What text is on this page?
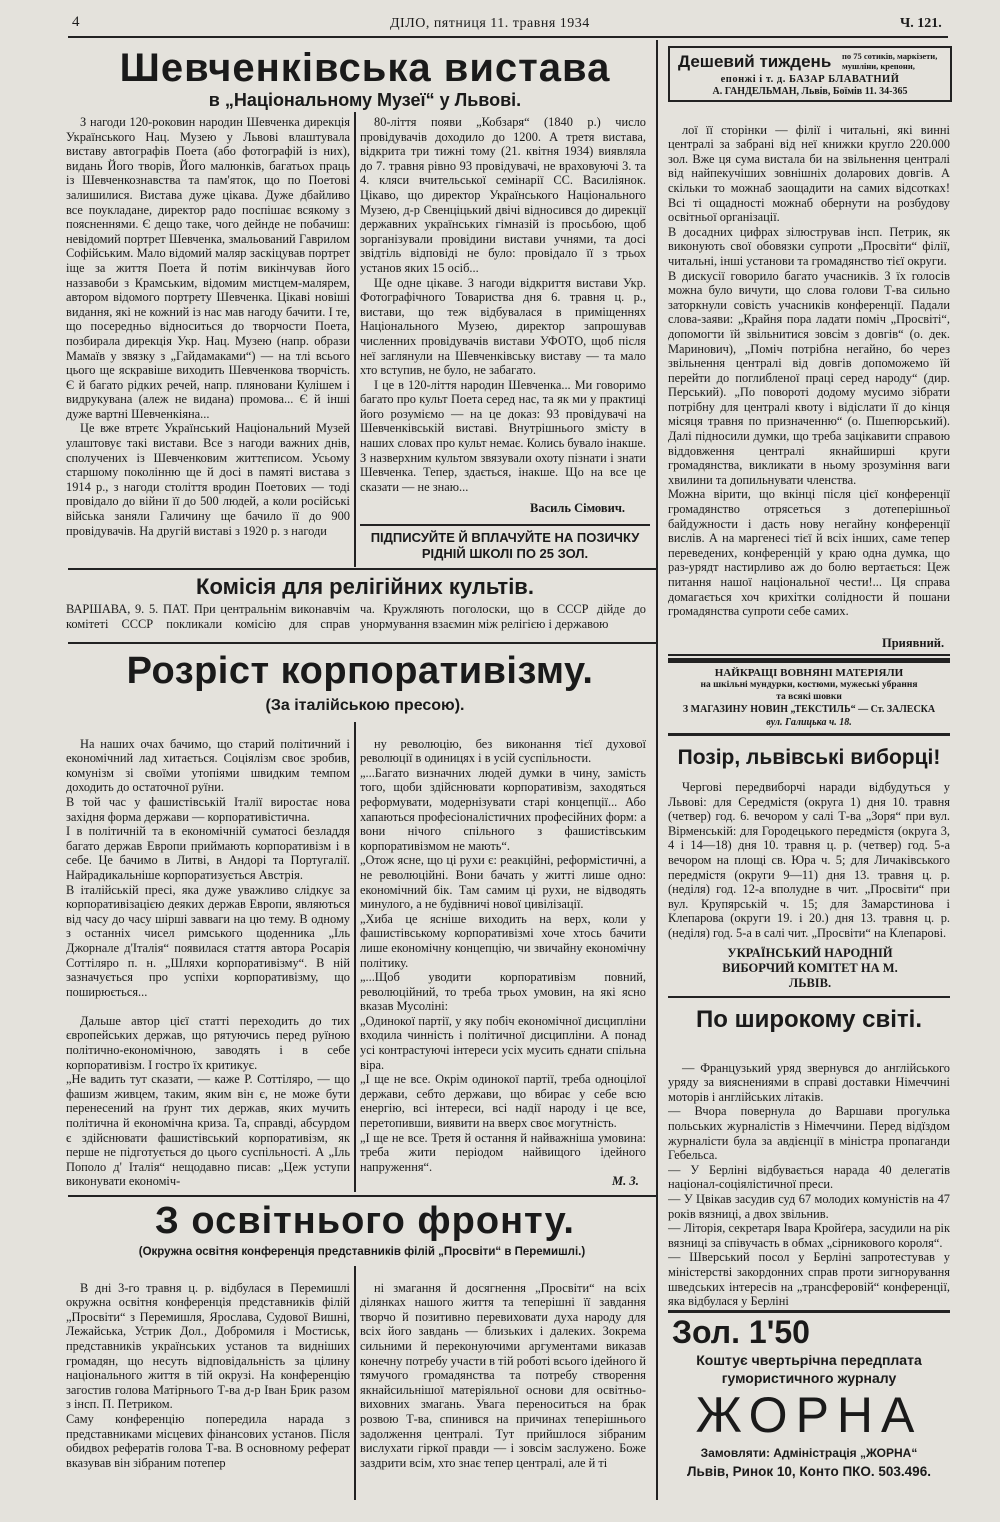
4	ДІЛО, пятниця 11. травня 1934	Ч. 121.
Шевченківська вистава
в „Національному Музеї“ у Львові.

З нагоди 120-роковин народин Шевченка дирекція Українського Нац. Музею у Львові влаштувала виставу автографів Поета (або фотографій із них), видань Його творів, Його малюнків, багатьох праць із Шевченкознавства та пам'яток, що по Поетові залишилися. Вистава дуже цікава. Дуже дбайливо все поукладане, директор радо поспішає всякому з поясненнями. Є дещо таке, чого дейнде не побачиш: невідомий портрет Шевченка, змальований Гаврилом Софійським. Мало відомий маляр заскіцував портрет іще за життя Поета й потім викінчував його наззавоби з Крамським, відомим мистцем-малярем, автором відомого портрету Шевченка. Цікаві новіші видання, які не кожний із нас мав нагоду бачити. І те, що посередньо відноситься до творчости Поета, позбирала дирекція Укр. Нац. Музею (напр. образи Мамаїв у звязку з „Гайдамаками“) — на тлі всього цього ще яскравіше виходить Шевченкова творчість. Є й багато рідких речей, напр. пляновани Кулішем і видрукувана (алеж не видана) промова... Є й інші дуже вартні Шевченкіяна...

Це вже втретє Український Національний Музей улаштовує такі вистави. Все з нагоди важних днів, сполучених із Шевченковим життєписом. Усьому старшому поколінню ще й досі в памяті вистава з 1914 р., з нагоди століття вродин Поетових — тоді провідало до війни її до 500 людей, а коли російські війська заняли Галичину ще бачило її до 900 провідувачів. На другій виставі з 1920 р. з нагоди

80-ліття появи „Кобзаря“ (1840 р.) число провідувачів доходило до 1200. А третя вистава, відкрита три тижні тому (21. квітня 1934) виявляла до 7. травня рівно 93 провідувачі, не враховуючі 3. та 4. кляси вчительської семінарії СС. Василіянок. Цікаво, що директор Українського Національного Музею, д-р Свенціцький двічі відносився до дирекції державних українських гімназій із просьбою, щоб зорганізували провідини вистави учнями, та досі звідтіль відповіді не було: провідало її з трьох установ яких 15 осіб...

Ще одне цікаве. З нагоди відкриття вистави Укр. Фотографічного Товариства дня 6. травня ц. р., вистави, що теж відбувалася в приміщеннях Національного Музею, директор запрошував численних провідувачів вистави УФОТО, щоб після неї заглянули на Шевченківську виставу — та мало хто вступив, не було, не забагато.

І це в 120-ліття народин Шевченка... Ми говоримо багато про культ Поета серед нас, та як ми у практиці його розуміємо — на це доказ: 93 провідувачі на Шевченківській виставі. Внутрішнього змісту в наших словах про культ немає. Колись бувало інакше. З назверхним культом звязували охоту пізнати і знати Шевченка. Тепер, здається, інакше. Що на все це сказати — не знаю...

Василь Сімович.
ПІДПИСУЙТЕ Й ВПЛАЧУЙТЕ НА ПОЗИЧКУ РІДНІЙ ШКОЛІ ПО 25 ЗОЛ.
Комісія для релігійних культів.
ВАРШАВА, 9. 5. ПАТ. При центральнім виконавчім комітеті СССР покликали комісію для справ
ча. Кружляють поголоски, що в СССР дійде до унормування взаємин між релігією і державою
Розріст корпоративізму.
(За італійською пресою).

На наших очах бачимо, що старий політичний і економічний лад хитається. Соціялізм своє зробив, комунізм зі своїми утопіями швидким темпом доходить до остаточної руїни.
В той час у фашистівській Італії виростає нова західня форма держави — корпоративістична.
І в політичній та в економічній суматосі безладдя багато держав Европи приймають корпоративізм і в себе. Це бачимо в Литві, в Андорі та Португалії. Найрадикальніше корпоратизується Австрія.
В італійській пресі, яка дуже уважливо слідкує за корпоративізацією деяких держав Европи, являються від часу до часу шірші завваги на цю тему. В одному з останніх чисел римського щоденника „Іль Джорнале д'Італія“ появилася стаття автора Росарія Соттіляро п. н. „Шляхи корпоративізму“. В ній зазначується про успіхи корпоративізму, що поширюється...

Дальше автор цієї статті переходить до тих європейських держав, що рятуючись перед руїною політично-економічною, заводять і в себе корпоративізм. І гостро їх критикує.
„Не вадить тут сказати, — каже Р. Соттіляро, — що фашизм живцем, таким, яким він є, не може бути перенесений на ґрунт тих держав, яких мучить політична й економічна криза. Та, справді, абсурдом є здійснювати фашистівський корпоративізм, як перше не підготується до цього суспільності. А „Іль Пополо д' Італія“ нещодавно писав: „Цеж уступи виконувати економіч-

ну революцію, без виконання тієї духової революції в одиницях і в усій суспільности.
„...Багато визначних людей думки в чину, замість того, щоби здійснювати корпоративізм, заходяться реформувати, модернізувати старі концепції... Або хапаються професіоналістичних професійних форм: а вони нічого спільного з фашистівським корпоративізмом не мають“.
„Отож ясне, що ці рухи є: реакційні, реформістичні, а не революційні. Вони бачать у житті лише одно: економічний бік. Там самим ці рухи, не відводять минулого, а не будівничі нової цивілізації.
„Хиба це ясніше виходить на верх, коли у фашистівському корпоративізмі хоче хтось бачити лише економічну концепцію, чи звичайну економічну політику.
„...Щоб уводити корпоративізм повний, революційний, то треба трьох умовин, на які ясно вказав Мусоліні:
„Одинокої партії, у яку побіч економічної дисципліни входила чинність і політичної дисципліни. А понад усі контрастуючі інтереси усіх мусить єднати спільна віра.
„І ще не все. Окрім одинокої партії, треба одноцілої держави, себто держави, що вбирає у себе всю енергію, всі інтереси, всі надії народу і це все, перетопивши, виявити на вверх своє могутність.
„І ще не все. Третя й остання й найважніша умовина: треба жити періодом найвищого ідейного напруження“.

М. З.
З освітнього фронту.
(Окружна освітня конференція представників філій „Просвіти“ в Перемишлі.)

В дні 3-го травня ц. р. відбулася в Перемишлі окружна освітня конференція представників філій „Просвіти“ з Перемишля, Ярослава, Судової Вишні, Лежайська, Устрик Дол., Добромиля і Мостиськ, представників українських установ та видніших громадян, що несуть відповідальність за цілину національного життя в тій окрузі. На конференцію загостив голова Матірнього Т-ва д-р Іван Брик разом з інсп. П. Петриком.
Саму конференцію попередила нарада з представниками місцевих фінансових установ. Після обидвох рефератів голова Т-ва. В основному реферат вказував він зібраним потепер

ні змагання й досягнення „Просвіти“ на всіх ділянках нашого життя та теперішні її завдання творчо й позитивно перевиховати духа народу для всіх його завдань — близьких і далеких. Зокрема сильними й переконуючими аргументами виказав конечну потребу участи в тій роботі всього ідейного й тямучого громадянства та потребу створення якнайсильнішої матеріяльної основи для освітньо-виховних змагань. Увага переноситься на брак розвою Т-ва, спинився на причинах теперішнього задолження централі. Тут прийшлося зібраним вислухати гіркої правди — і зовсім заслужено. Боже заздрити всім, хто знає тепер централі, але й ті

Дешевий тиждень по 75 сотиків, маркізети, мушліни, крепони,
епонжі і т. д. БАЗАР БЛАВАТНИЙ
А. ГАНДЕЛЬМАН, Львів, Боїмів 11. 34-365

лої її сторінки — філії і читальні, які винні централі за забрані від неї книжки кругло 220.000 зол. Вже ця сума вистала би на звільнення централі від найпекучіших зовнішніх доларових довгів. А скільки то можнаб заощадити на самих відсотках! Всі ті ощадності можнаб обернути на розбудову освітньої організації.
В досадних цифрах зілюстрував інсп. Петрик, як виконують свої обовязки супроти „Просвіти“ філії, читальні, інші установи та громадянство тієї округи.
В дискусії говорило багато учасників. З їх голосів можна було вичути, що слова голови Т-ва сильно заторкнули совість учасників конференції. Падали слова-заяви: „Крайня пора ладати поміч „Просвіті“, допомогти їй звільнитися зовсім з довгів“ (о. дек. Маринович), „Поміч потрібна негайно, бо через звільнення централі від довгів допоможемо їй перейти до поглибленої праці серед народу“ (дир. Перський). „По повороті додому мусимо зібрати потрібну для централі квоту і відіслати її до кінця місяця травня по призначенню“ (о. Пшепюрський). Далі підносили думки, що треба зацікавити справою віддовження централі якнайширші круги громадянства, викликати в ньому зрозуміння ваги хвилини та допильнувати членства.
Можна вірити, що вкінці після цієї конференції громадянство отрясеться з дотеперішньої байдужности і дасть нову негайну конференції вислів. А на маргенесі тієї й всіх інших, саме тепер переведених, конференцій у краю одна думка, що раз-урядт настирливо аж до болю вертається: Цеж питання нашої національної чести!... Ця справа домагається хоч крихітки солідности й пошани громадянства супроти себе самих.

Приявний.
НАЙКРАЩІ ВОВНЯНІ МАТЕРІЯЛИ
на шкільні мундурки, костюми, мужеські убрання
та всякі шовки
З МАГАЗИНУ НОВИН „ТЕКСТИЛЬ“ — Ст. ЗАЛЕСКА
вул. Галицька ч. 18.
Позір, львівські виборці!
Чергові передвиборчі наради відбудуться у Львові: для Середмістя (округа 1) дня 10. травня (четвер) год. 6. вечором у салі Т-ва „Зоря“ при вул. Вірменській: для Городецького передмістя (округа 3, 4 і 14—18) дня 10. травня ц. р. (четвер) год. 5-а вечором на площі св. Юра ч. 5; для Личаківського передмістя (округи 9—11) дня 13. травня ц. р. (неділя) год. 12-а вполудне в чит. „Просвіти“ при вул. Крупярській ч. 15; для Замарстинова і Клепарова (округи 19. і 20.) дня 13. травня ц. р. (неділя) год. 5-а в салі чит. „Просвіти“ на Клепарові.
УКРАЇНСЬКИЙ НАРОДНІЙ ВИБОРЧИЙ КОМІТЕТ НА М. ЛЬВІВ.
По широкому світі.

— Французький уряд звернувся до англійського уряду за вияснениями в справі доставки Німеччині моторів і англійських літаків.
— Вчора повернула до Варшави прогулька польських журналістів з Німеччини. Перед відїздом журналісти була за авдієнції в міністра пропаганди Гебельса.
— У Берліні відбувається нарада 40 делегатів націонал-соціялістичної преси.
— У Цвікав засудив суд 67 молодих комуністів на 47 років вязниці, а двох звільнив.
— Літорія, секретаря Івара Кройґера, засудили на рік вязниці за співучасть в обмах „сірникового короля“.
— Шверський посол у Берліні запротестував у міністерстві закордонних справ проти зигнорування шведських інтересів на „трансферовій“ конференції, яка відбулася у Берліні

Зол. 1'50
Коштує чвертьрічна передплата
гумористичного журналу
ЖОРНА
Замовляти: Адміністрація „ЖОРНА“
Львів, Ринок 10, Конто ПКО. 503.496.
